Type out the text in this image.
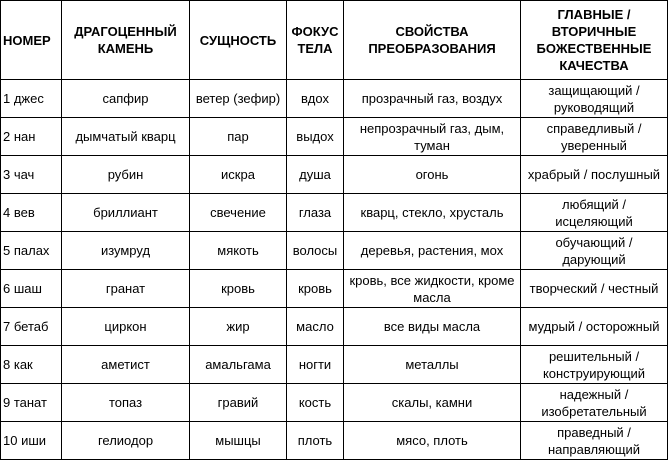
НОМЕР	ДРАГОЦЕННЫЙ КАМЕНЬ	СУЩНОСТЬ	ФОКУС ТЕЛА	СВОЙСТВА ПРЕОБРАЗОВАНИЯ	ГЛАВНЫЕ / ВТОРИЧНЫЕ БОЖЕСТВЕННЫЕ КАЧЕСТВА
1 джес	сапфир	ветер (зефир)	вдох	прозрачный газ, воздух	защищающий / руководящий
2 нан	дымчатый кварц	пар	выдох	непрозрачный газ, дым, туман	справедливый / уверенный
3 чач	рубин	искра	душа	огонь	храбрый / послушный
4 вев	бриллиант	свечение	глаза	кварц, стекло, хрусталь	любящий / исцеляющий
5 палах	изумруд	мякоть	волосы	деревья, растения, мох	обучающий / дарующий
6 шаш	гранат	кровь	кровь	кровь, все жидкости, кроме масла	творческий / честный
7 бетаб	циркон	жир	масло	все виды масла	мудрый / осторожный
8 как	аметист	амальгама	ногти	металлы	решительный / конструирующий
9 танат	топаз	гравий	кость	скалы, камни	надежный / изобретательный
10 иши	гелиодор	мышцы	плоть	мясо, плоть	праведный / направляющий
